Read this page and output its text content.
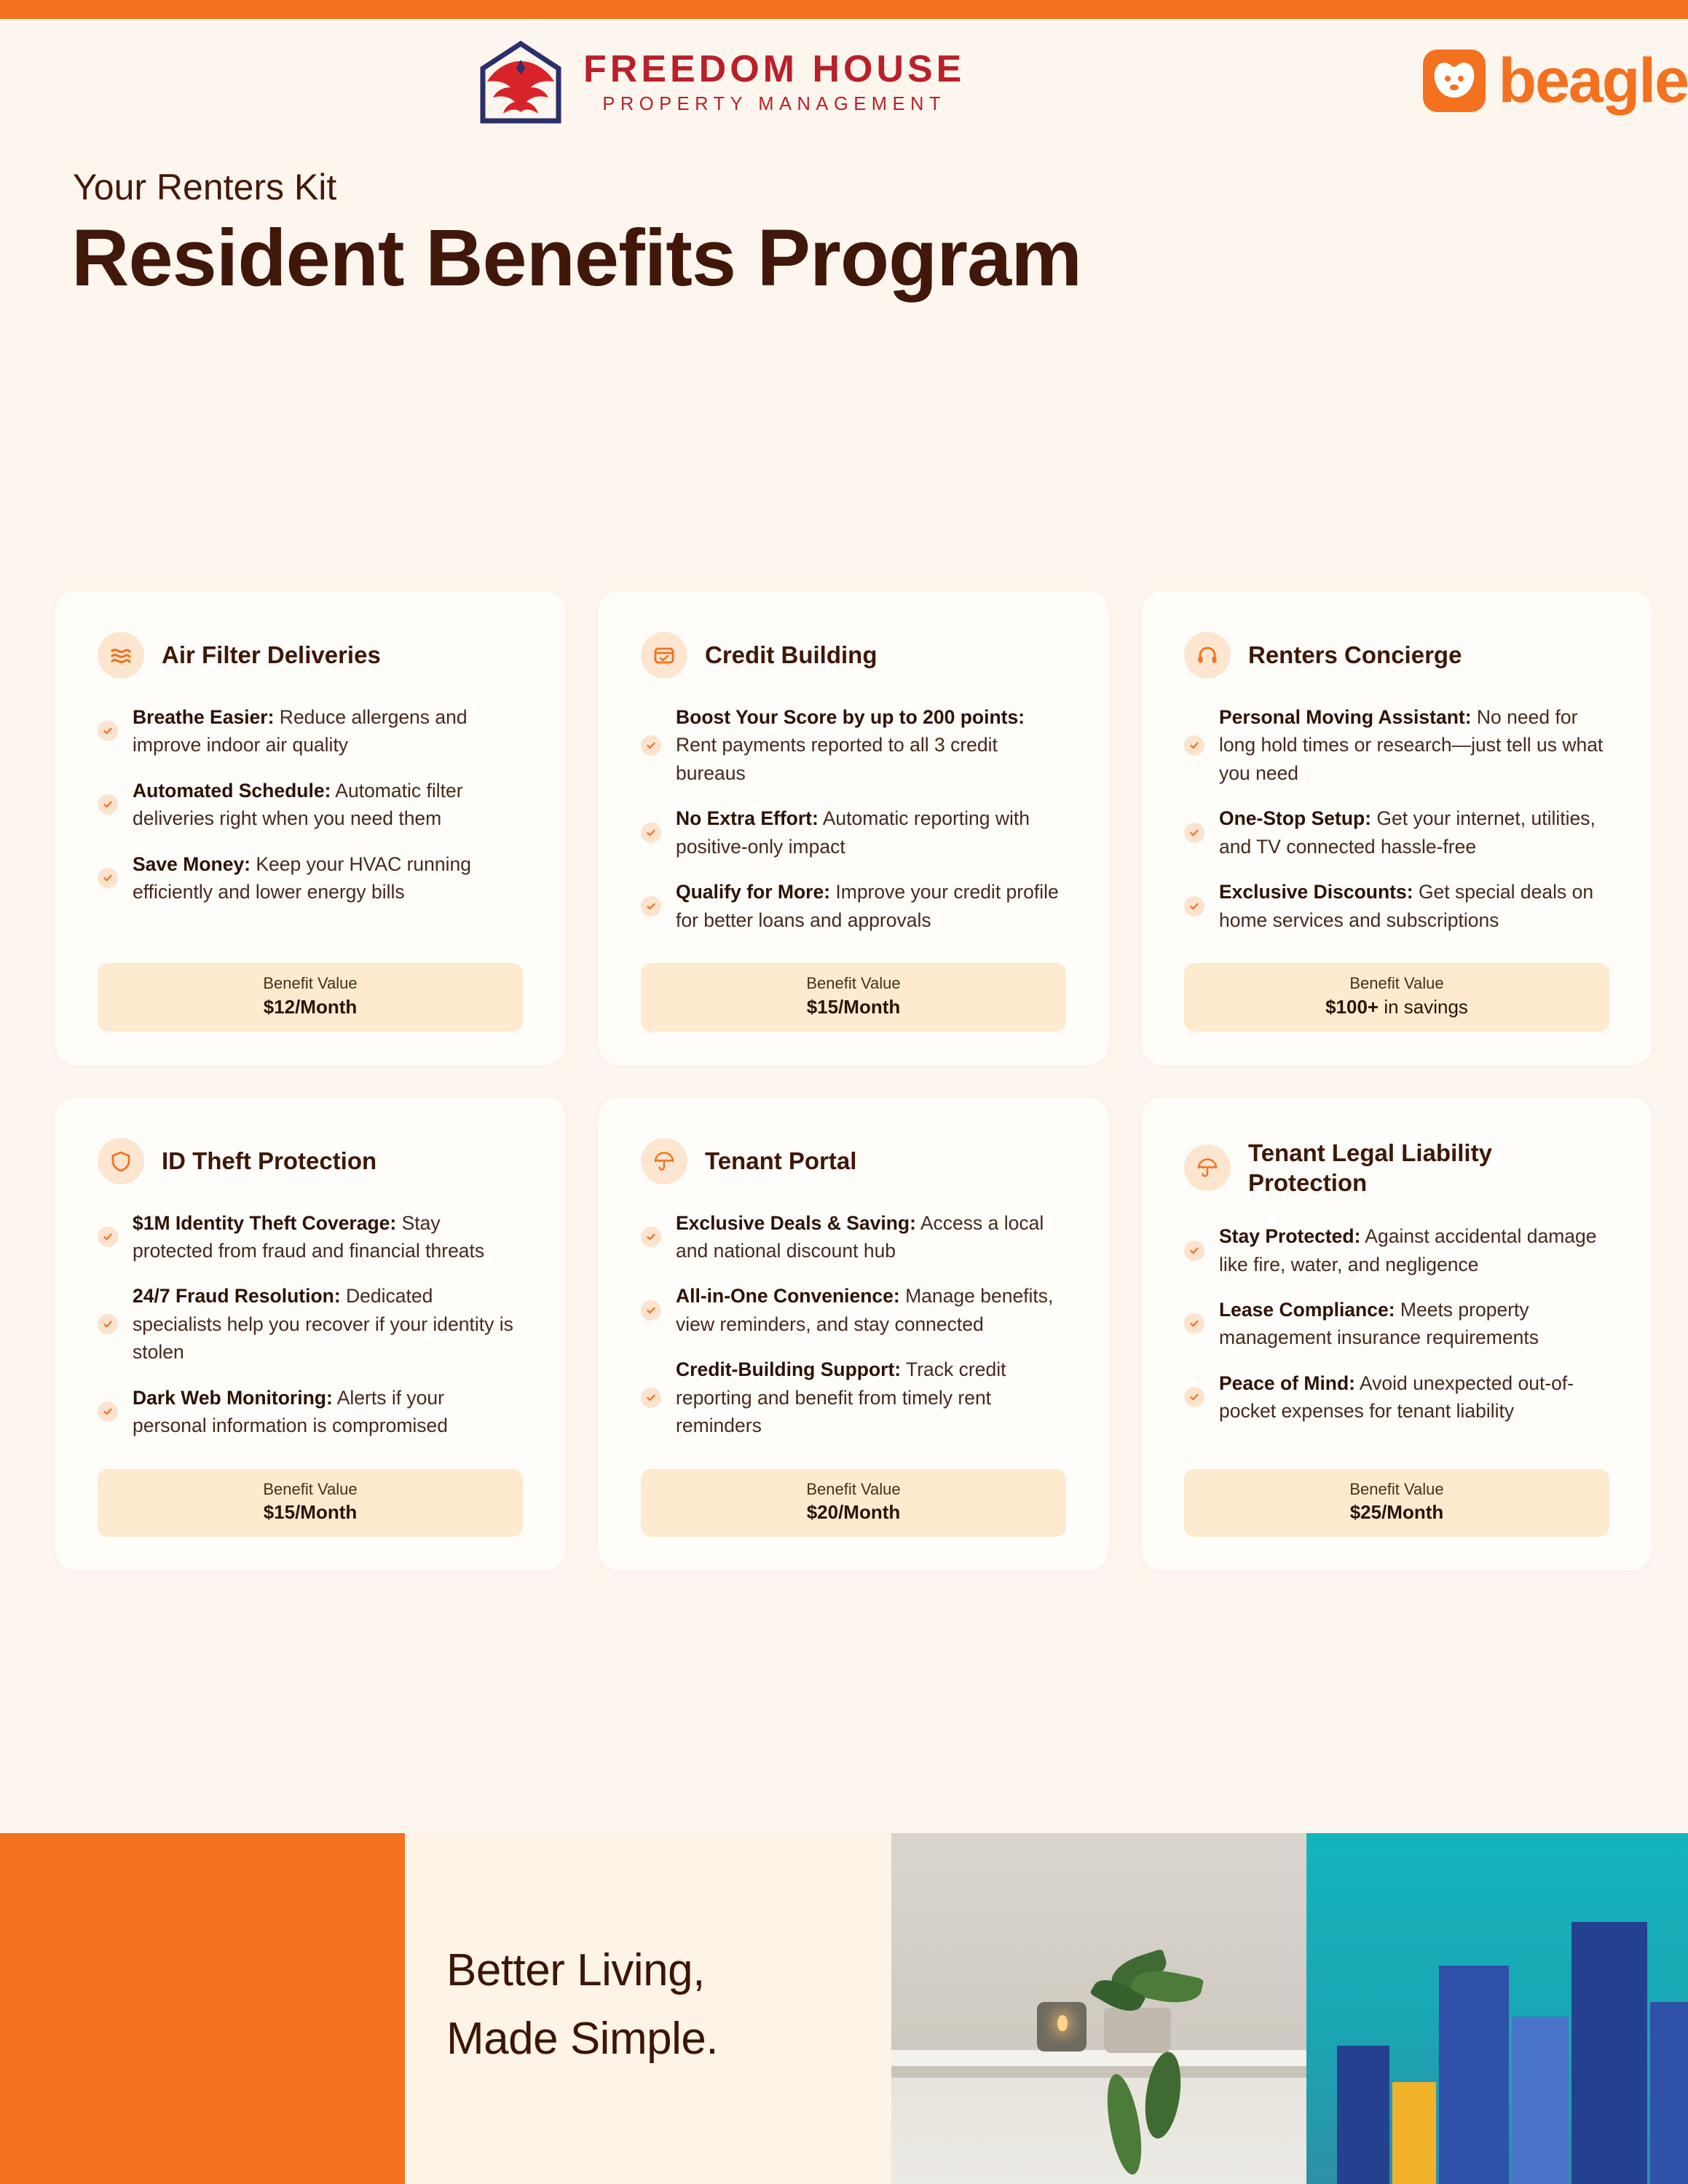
FREEDOM HOUSE
PROPERTY MANAGEMENT	beagle
Your Renters Kit
Resident Benefits Program
Air Filter Deliveries
Breathe Easier: Reduce allergens and improve indoor air quality
Automated Schedule: Automatic filter deliveries right when you need them
Save Money: Keep your HVAC running efficiently and lower energy bills
Benefit Value
$12/Month
Credit Building
Boost Your Score by up to 200 points: Rent payments reported to all 3 credit bureaus
No Extra Effort: Automatic reporting with positive-only impact
Qualify for More: Improve your credit profile for better loans and approvals
Benefit Value
$15/Month
Renters Concierge
Personal Moving Assistant: No need for long hold times or research—just tell us what you need
One-Stop Setup: Get your internet, utilities, and TV connected hassle-free
Exclusive Discounts: Get special deals on home services and subscriptions
Benefit Value
$100+ in savings
ID Theft Protection
$1M Identity Theft Coverage: Stay protected from fraud and financial threats
24/7 Fraud Resolution: Dedicated specialists help you recover if your identity is stolen
Dark Web Monitoring: Alerts if your personal information is compromised
Benefit Value
$15/Month
Tenant Portal
Exclusive Deals & Saving: Access a local and national discount hub
All-in-One Convenience: Manage benefits, view reminders, and stay connected
Credit-Building Support: Track credit reporting and benefit from timely rent reminders
Benefit Value
$20/Month
Tenant Legal Liability Protection
Stay Protected: Against accidental damage like fire, water, and negligence
Lease Compliance: Meets property management insurance requirements
Peace of Mind: Avoid unexpected out-of-pocket expenses for tenant liability
Benefit Value
$25/Month
Better Living,
Made Simple.
